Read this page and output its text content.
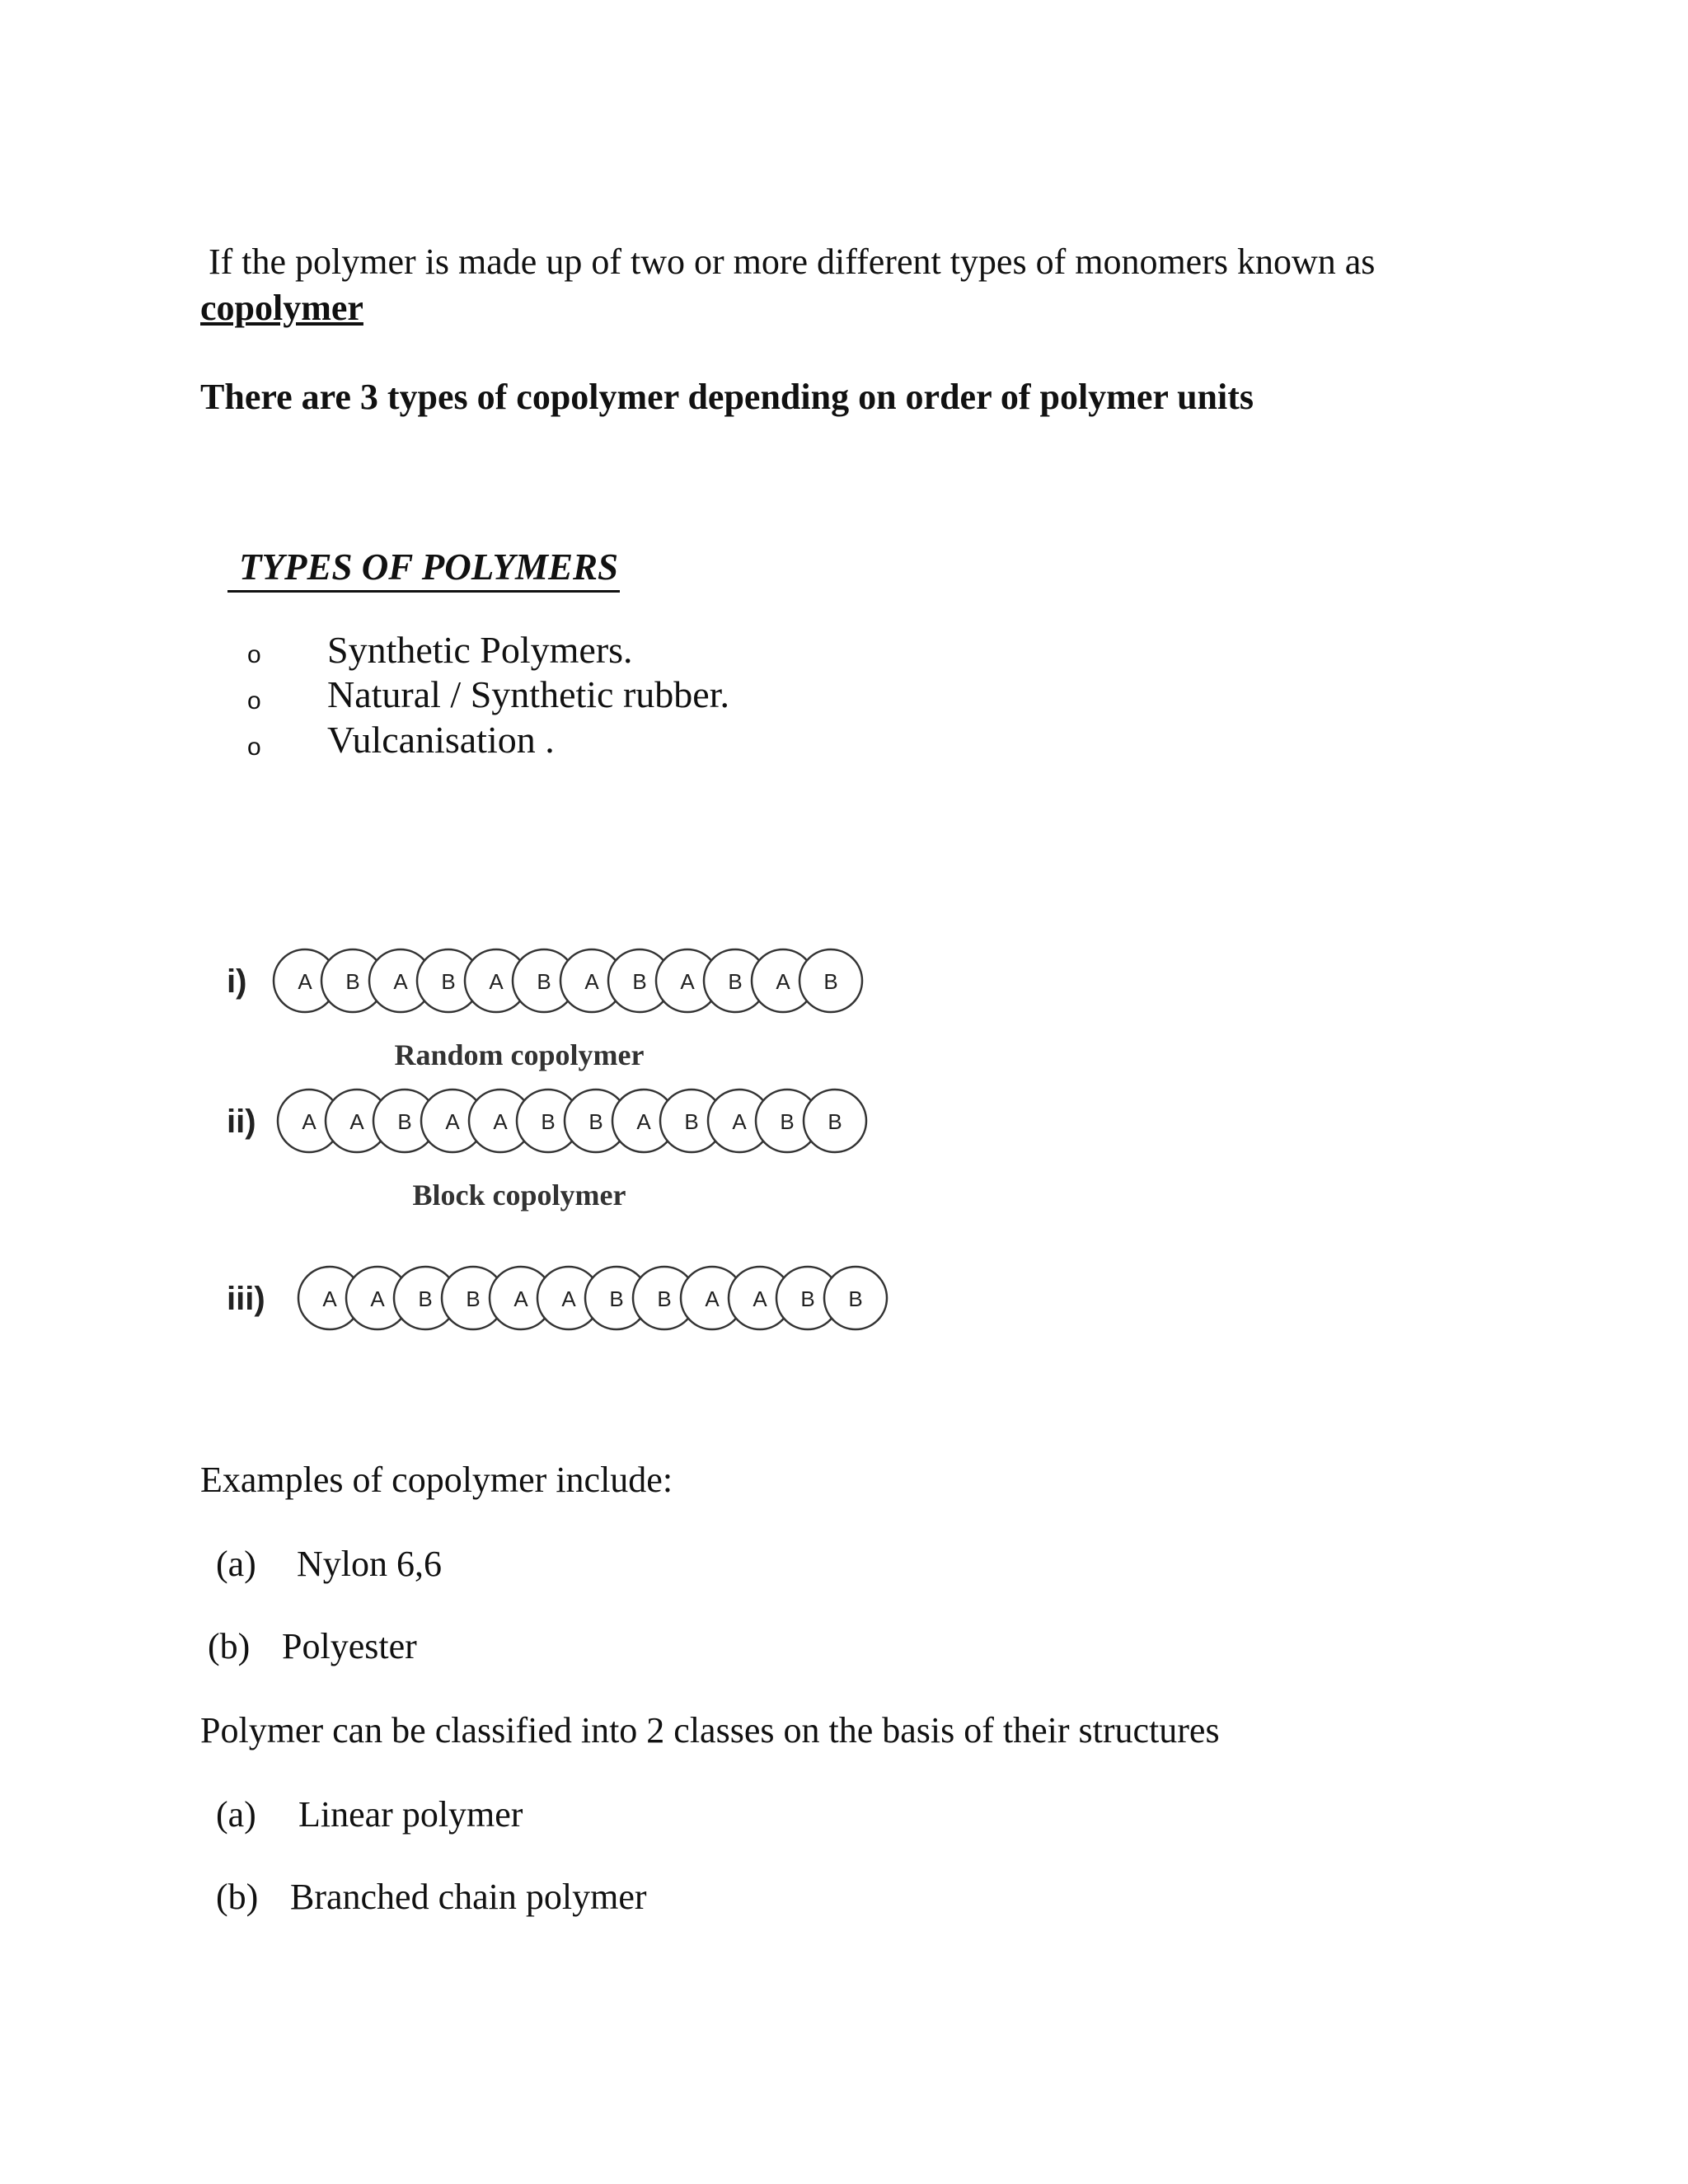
If the polymer is made up of two or more different types of monomers known as
copolymer
There are 3 types of copolymer depending on order of polymer units
TYPES OF POLYMERS
o Synthetic Polymers.
o Natural / Synthetic rubber.
o Vulcanisation .
i) A B A B A B A B A B A B
Random copolymer
ii) A A B A A B B A B A B B
Block copolymer
iii)	A A B B A A B B A A B B
Examples of copolymer include:
(a) Nylon 6,6
(b) Polyester
Polymer can be classified into 2 classes on the basis of their structures
(a) Linear polymer
(b) Branched chain polymer
